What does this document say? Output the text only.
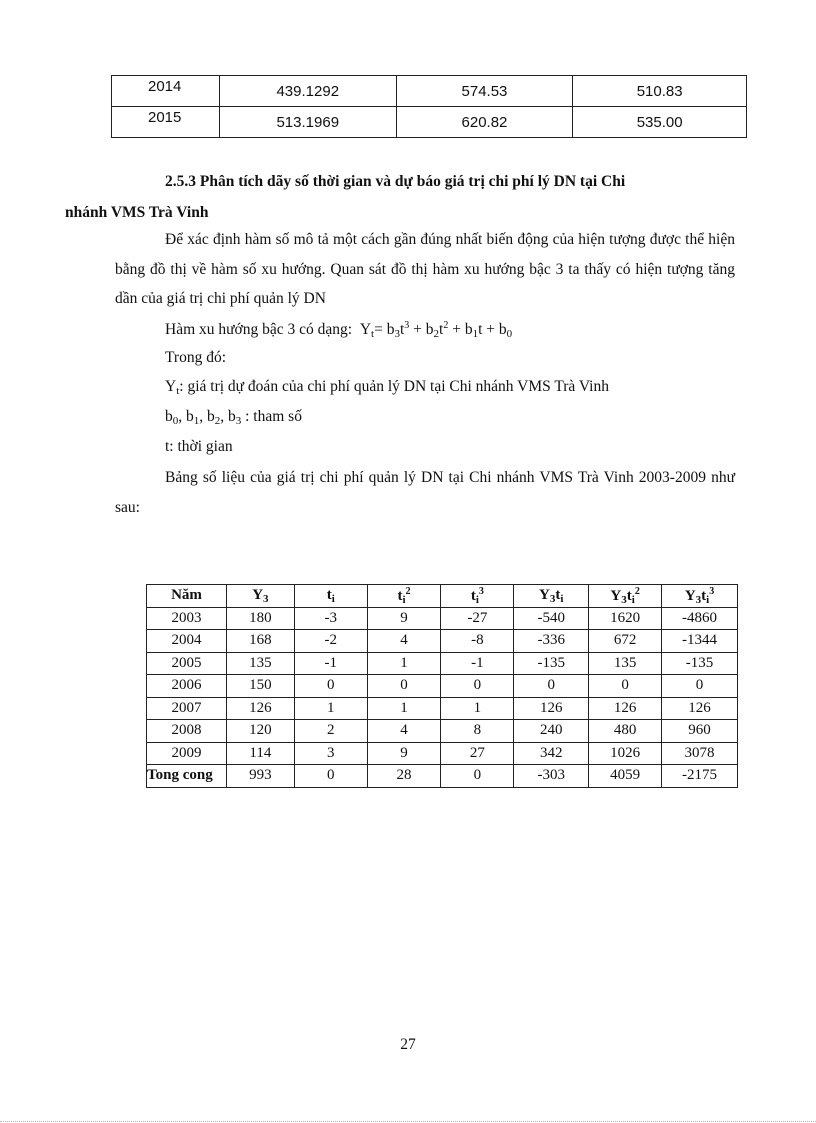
2014	439.1292	574.53	510.83
2015	513.1969	620.82	535.00
2.5.3 Phân tích dãy số thời gian và dự báo giá trị chi phí lý DN tại Chi
nhánh VMS Trà Vinh
Để xác định hàm số mô tả một cách gần đúng nhất biến động của hiện tượng được thể hiện bằng đồ thị về hàm số xu hướng. Quan sát đồ thị hàm xu hướng bậc 3 ta thấy có hiện tượng tăng dần của giá trị chi phí quản lý DN
Hàm xu hướng bậc 3 có dạng:  $Y_t= b_3t^3 + b_2t^2 + b_1t + b_0$
Trong đó:
$Y_t$: giá trị dự đoán của chi phí quản lý DN tại Chi nhánh VMS Trà Vinh
$b_0$, $b_1$, $b_2$, $b_3$ : tham số
t: thời gian
Bảng số liệu của giá trị chi phí quản lý DN tại Chi nhánh VMS Trà Vinh 2003-2009 như sau:
Năm	$Y_3$	$t_i$	$t_i^2$	$t_i^3$	$Y_3t_i$	$Y_3t_i^2$	$Y_3t_i^3$
2003	180	-3	9	-27	-540	1620	-4860
2004	168	-2	4	-8	-336	672	-1344
2005	135	-1	1	-1	-135	135	-135
2006	150	0	0	0	0	0	0
2007	126	1	1	1	126	126	126
2008	120	2	4	8	240	480	960
2009	114	3	9	27	342	1026	3078
Tong cong	993	0	28	0	-303	4059	-2175
27
